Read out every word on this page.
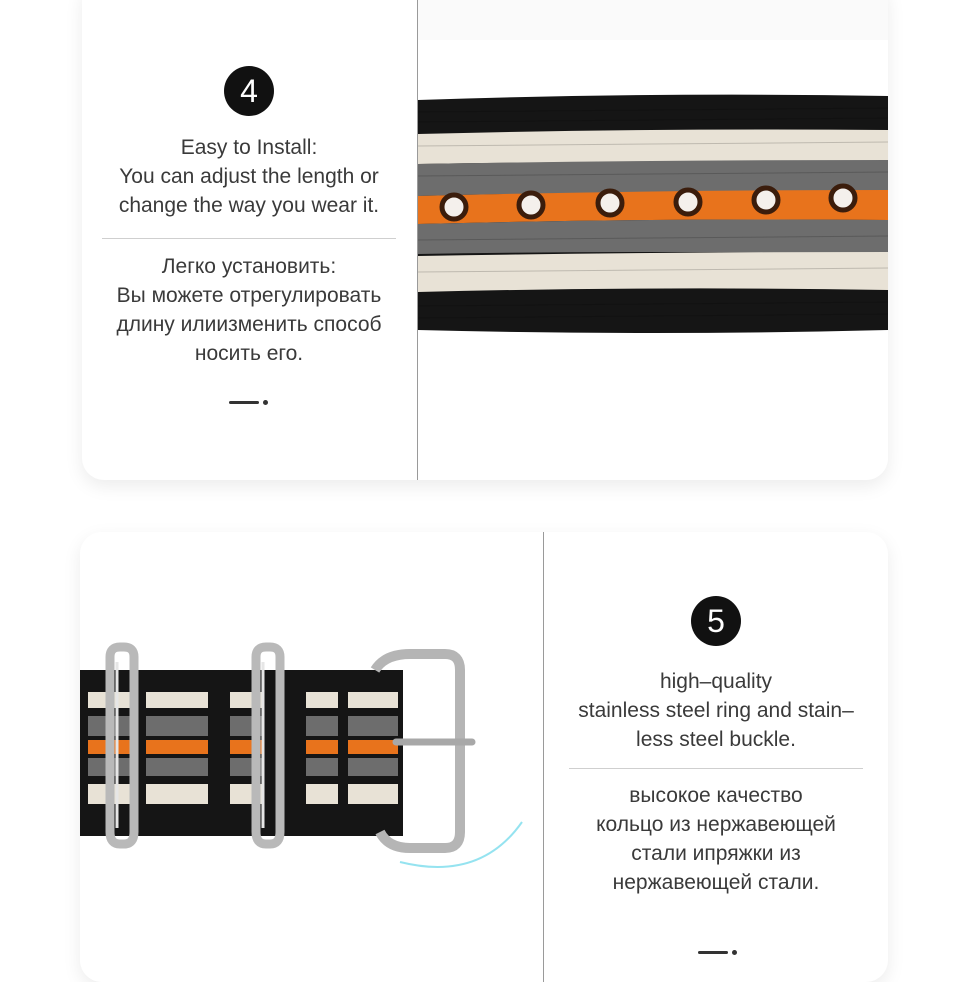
4
Easy to Install:
You can adjust the length or
change the way you wear it.
Легко установить:
Вы можете отрегулировать
длину илиизменить способ
носить его.
5
high–quality
stainless steel ring and stain–
less steel buckle.
высокое качество
кольцо из нержавеющей
стали ипряжки из
нержавеющей стали.
